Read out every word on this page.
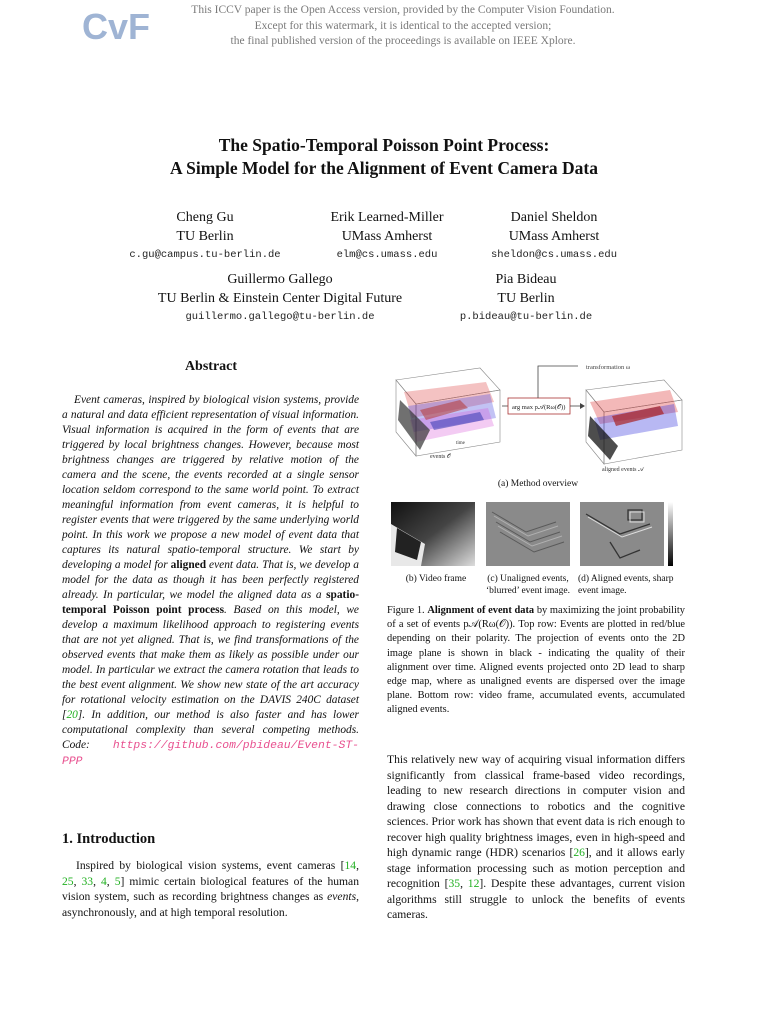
CvF	This ICCV paper is the Open Access version, provided by the Computer Vision Foundation.
Except for this watermark, it is identical to the accepted version;
the final published version of the proceedings is available on IEEE Xplore.
The Spatio-Temporal Poisson Point Process:
A Simple Model for the Alignment of Event Camera Data
Cheng Gu
TU Berlin
c.gu@campus.tu-berlin.de
Erik Learned-Miller
UMass Amherst
elm@cs.umass.edu
Daniel Sheldon
UMass Amherst
sheldon@cs.umass.edu
Guillermo Gallego
TU Berlin & Einstein Center Digital Future
guillermo.gallego@tu-berlin.de
Pia Bideau
TU Berlin
p.bideau@tu-berlin.de
Abstract
Event cameras, inspired by biological vision systems, provide a natural and data efficient representation of visual information. Visual information is acquired in the form of events that are triggered by local brightness changes. However, because most brightness changes are triggered by relative motion of the camera and the scene, the events recorded at a single sensor location seldom correspond to the same world point. To extract meaningful information from event cameras, it is helpful to register events that were triggered by the same underlying world point. In this work we propose a new model of event data that captures its natural spatio-temporal structure. We start by developing a model for aligned event data. That is, we develop a model for the data as though it has been perfectly registered already. In particular, we model the aligned data as a spatio-temporal Poisson point process. Based on this model, we develop a maximum likelihood approach to registering events that are not yet aligned. That is, we find transformations of the observed events that make them as likely as possible under our model. In particular we extract the camera rotation that leads to the best event alignment. We show new state of the art accuracy for rotational velocity estimation on the DAVIS 240C dataset [20]. In addition, our method is also faster and has lower computational complexity than several competing methods. Code: https://github.com/pbideau/Event-ST-PPP
1. Introduction
Inspired by biological vision systems, event cameras [14, 25, 33, 4, 5] mimic certain biological features of the human vision system, such as recording brightness changes as events, asynchronously, and at high temporal resolution.
events 𝒪
time
arg max p𝒜(Rω(𝒪))
transformation ω
aligned events 𝒜
(a) Method overview
(b) Video frame	(c) Unaligned events, ‘blurred’ event image.
(d) Aligned events, sharp event image.
Figure 1. Alignment of event data by maximizing the joint probability of a set of events p𝒜(Rω(𝒪)). Top row: Events are plotted in red/blue depending on their polarity. The projection of events onto the 2D image plane is shown in black - indicating the quality of their alignment over time. Aligned events projected onto 2D lead to sharp edge map, where as unaligned events are dispersed over the image plane. Bottom row: video frame, accumulated events, accumulated aligned events.
This relatively new way of acquiring visual information differs significantly from classical frame-based video recordings, leading to new research directions in computer vision and drawing close connections to robotics and the cognitive sciences. Prior work has shown that event data is rich enough to recover high quality brightness images, even in high-speed and high dynamic range (HDR) scenarios [26], and it allows early stage information processing such as motion perception and recognition [35, 12]. Despite these advantages, current vision algorithms still struggle to unlock the benefits of events cameras.
